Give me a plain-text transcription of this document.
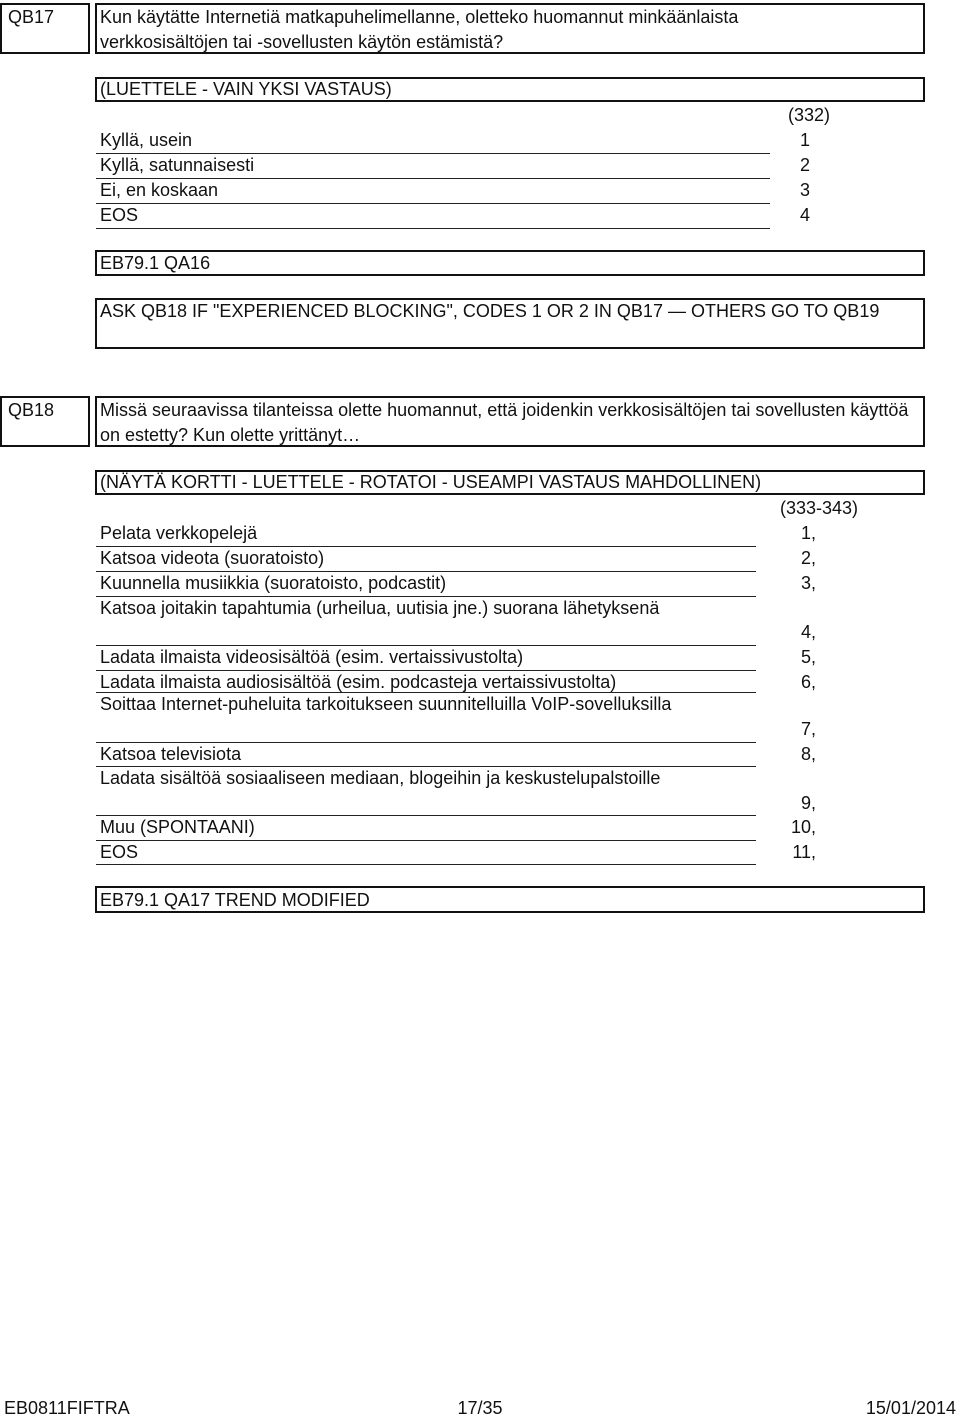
QB17	Kun käytätte Internetiä matkapuhelimellanne, oletteko huomannut minkäänlaista verkkosisältöjen tai -sovellusten käytön estämistä?
(LUETTELE - VAIN YKSI VASTAUS)
(332)
Kyllä, usein	1
Kyllä, satunnaisesti	2
Ei, en koskaan	3
EOS	4
EB79.1 QA16
ASK QB18 IF "EXPERIENCED BLOCKING", CODES 1 OR 2 IN QB17 — OTHERS GO TO QB19
QB18	Missä seuraavissa tilanteissa olette huomannut, että joidenkin verkkosisältöjen tai sovellusten käyttöä on estetty? Kun olette yrittänyt…
(NÄYTÄ KORTTI - LUETTELE - ROTATOI - USEAMPI VASTAUS MAHDOLLINEN)
(333-343)
Pelata verkkopelejä	1,
Katsoa videota (suoratoisto)	2,
Kuunnella musiikkia (suoratoisto, podcastit)	3,
Katsoa joitakin tapahtumia (urheilua, uutisia jne.) suorana lähetyksenä
4,
Ladata ilmaista videosisältöä (esim. vertaissivustolta)	5,
Ladata ilmaista audiosisältöä (esim. podcasteja vertaissivustolta)	6,
Soittaa Internet-puheluita tarkoitukseen suunnitelluilla VoIP-sovelluksilla
7,
Katsoa televisiota	8,
Ladata sisältöä sosiaaliseen mediaan, blogeihin ja keskustelupalstoille
9,
Muu (SPONTAANI)	10,
EOS	11,
EB79.1 QA17 TREND MODIFIED
EB0811FIFTRA	17/35	15/01/2014
